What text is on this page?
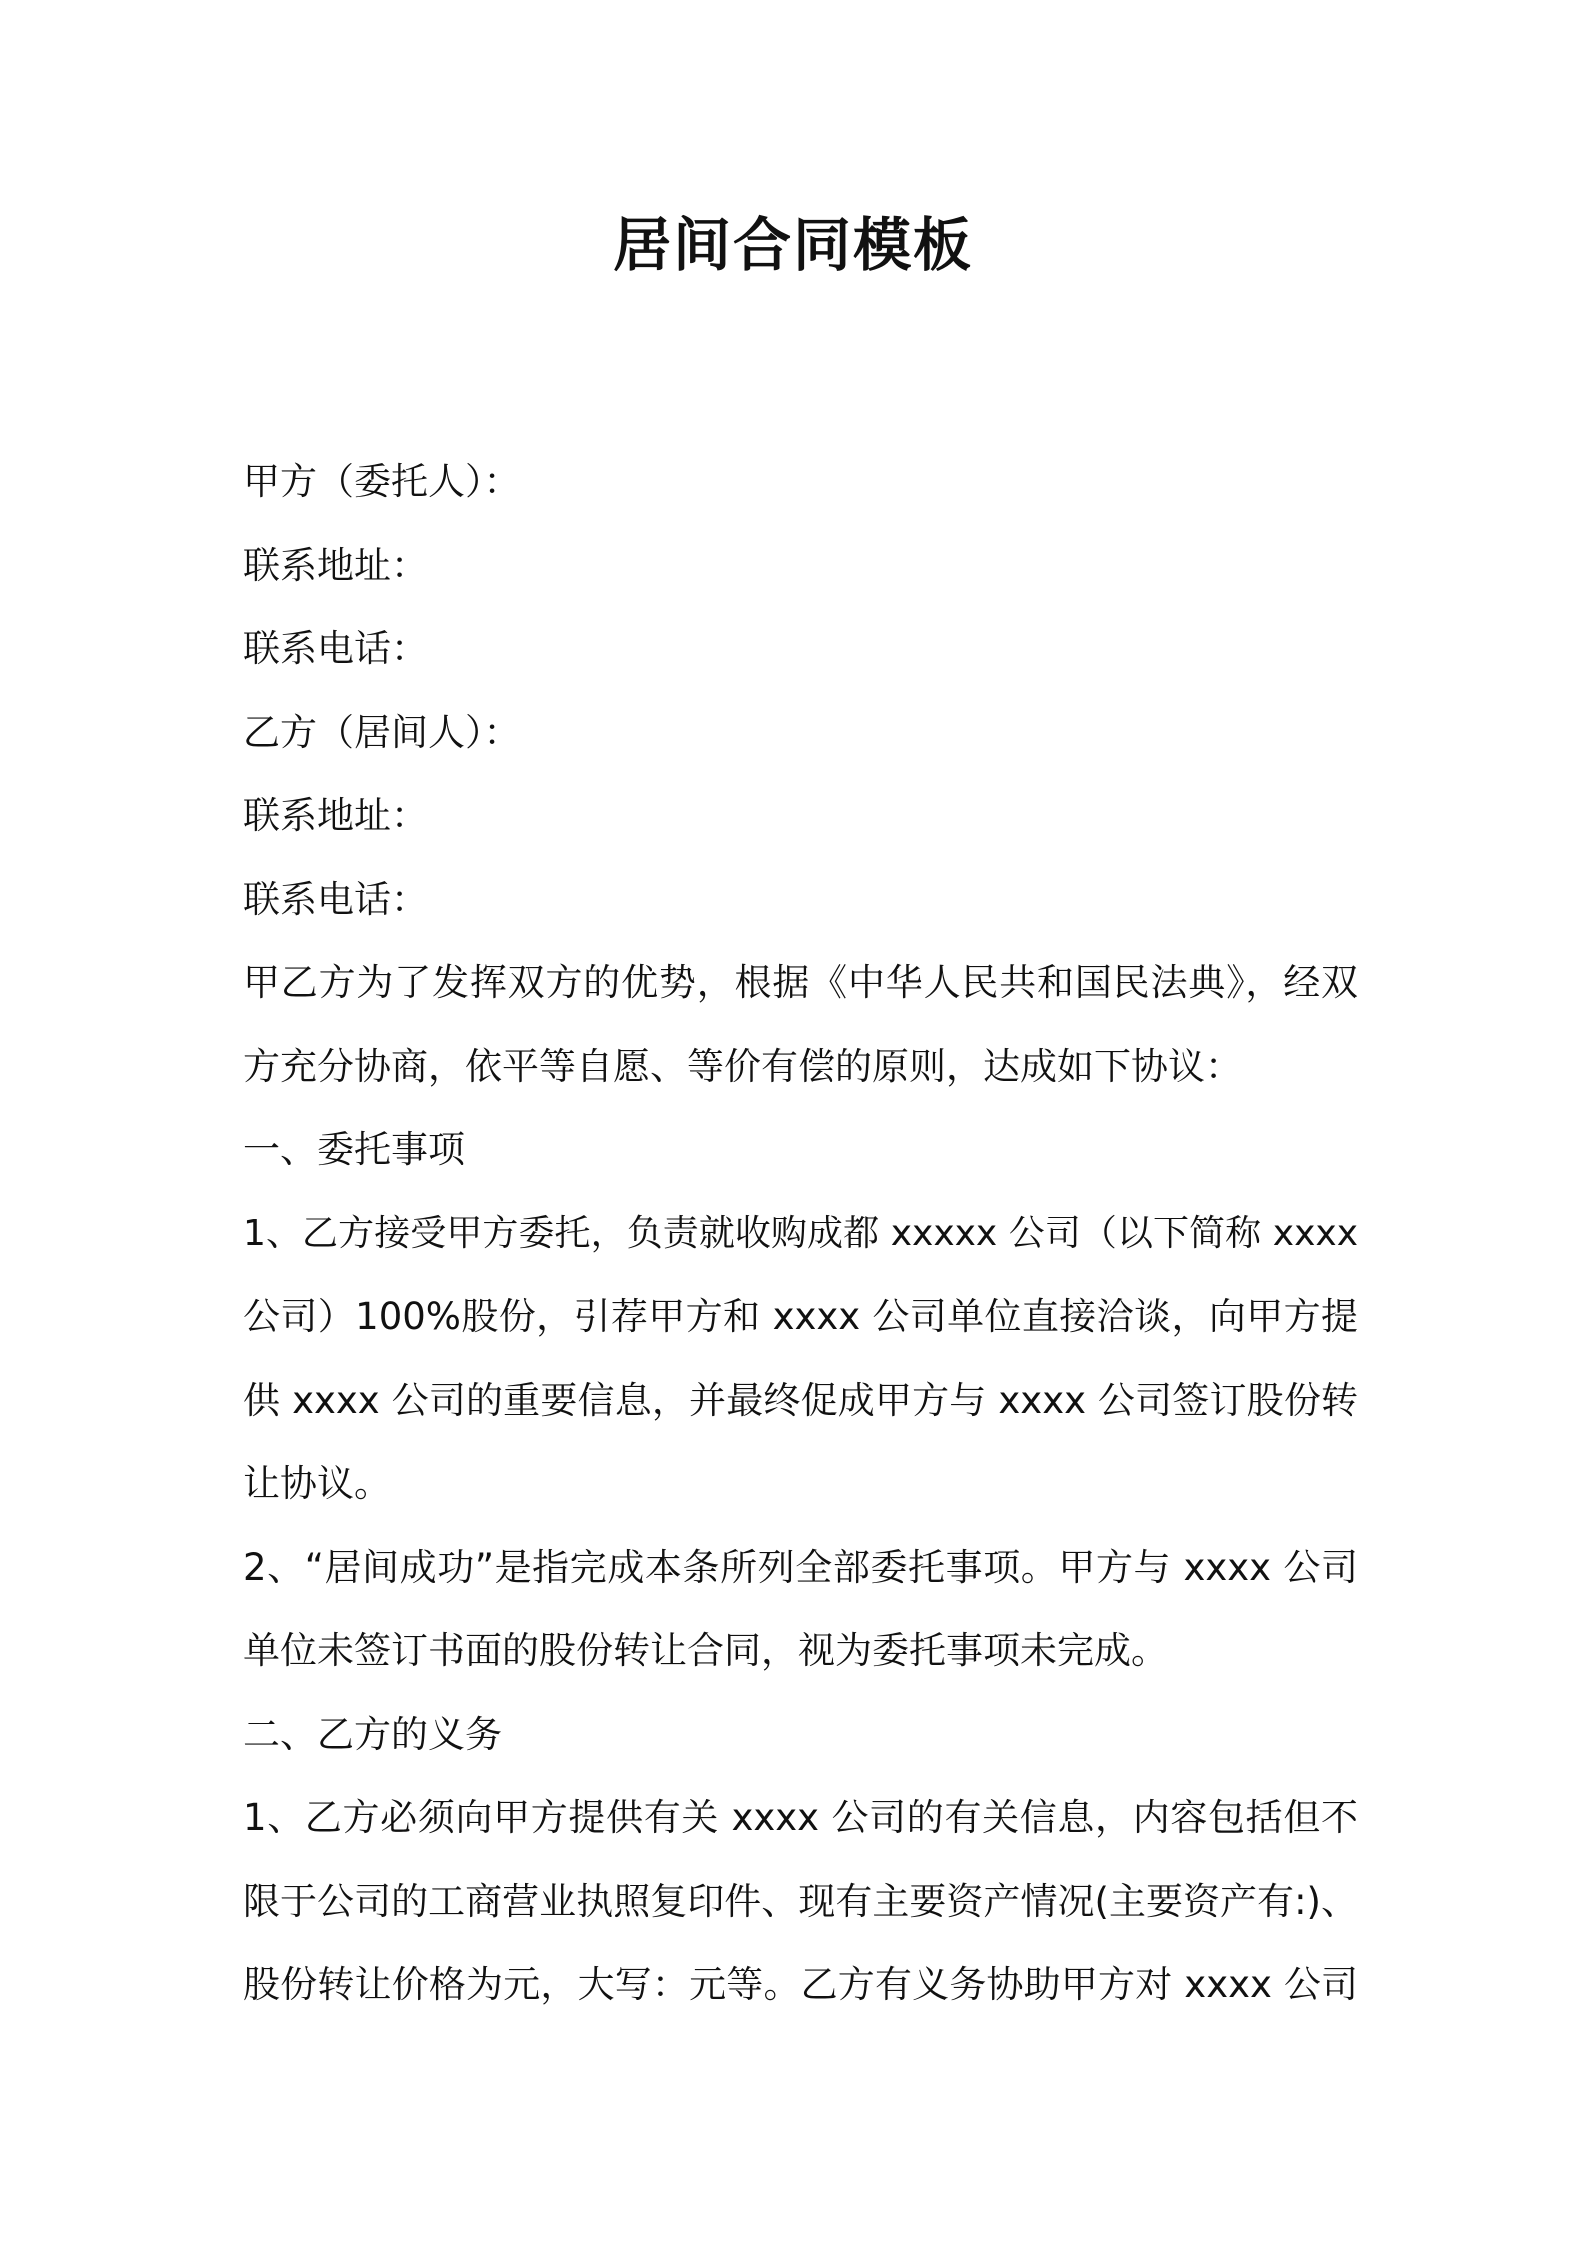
居间合同模板

甲方（委托人）：

联系地址：

联系电话：

乙方（居间人）：

联系地址：

联系电话：

甲乙方为了发挥双方的优势，根据《中华人民共和国民法典》，经双

方充分协商，依平等自愿、等价有偿的原则，达成如下协议：

一、委托事项

1、乙方接受甲方委托，负责就收购成都 xxxxx 公司（以下简称 xxxx

公司）100%股份，引荐甲方和 xxxx 公司单位直接洽谈，向甲方提

供 xxxx 公司的重要信息，并最终促成甲方与 xxxx 公司签订股份转

让协议。

2、“居间成功”是指完成本条所列全部委托事项。甲方与 xxxx 公司

单位未签订书面的股份转让合同，视为委托事项未完成。

二、乙方的义务

1、乙方必须向甲方提供有关 xxxx 公司的有关信息，内容包括但不

限于公司的工商营业执照复印件、现有主要资产情况(主要资产有:)、

股份转让价格为元，大写：元等。乙方有义务协助甲方对 xxxx 公司
